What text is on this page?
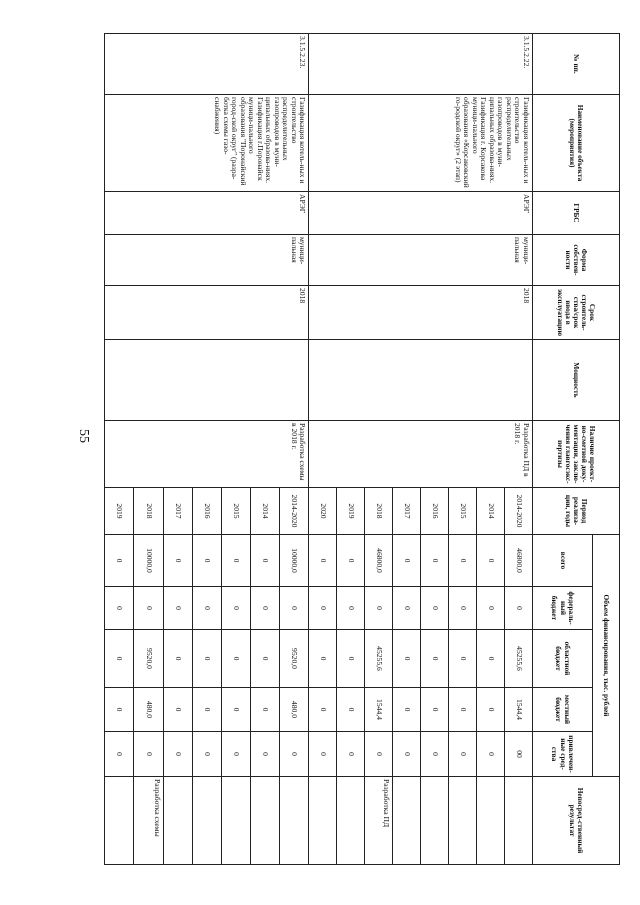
55
№ пп.	Наименование объекта (мероприятия)	ГРБС	Форма собствен-ности	Срок строитель-ства/срок ввода в эксплуатацию	Мощность	Наличие проект-но-сметной доку-ментации, заклю-чения главгосэкс-пертизы	Период реализа-ции, годы	Объем финансирования, тыс. рублей					Непосред-ственный результат
								всего	федераль-ный бюджет	областной бюджет	местный бюджет	привлечен-ные сред-ства	
3.1.5.2.22.	Газификация котель-ных и строительство распределительных газопроводов в муни-ципальных образова-ниях. Газификация г. Корсакова муници-пального образования «Корсаковский го-родской округ» (2 этап)	АРЭГ	муници-пальная	2018		Разработка ПД в 2018 г.	2014-2020	46800,0	0	45255,6	1544,4	00	
							2014	0	0	0	0	0	
							2015	0	0	0	0	0	
							2016	0	0	0	0	0	
							2017	0	0	0	0	0	
							2018	46800,0	0	45255,6	1544,4	0	Разработка ПД
							2019	0	0	0	0	0	
							2020	0	0	0	0	0	
3.1.5.2.23.	Газификация котель-ных и строительство распределительных газопроводов в муни-ципальных образова-ниях. Газификация г.Поронайск муници-пального образования "Поронайский город-ской округ" (разра-ботка схемы газо-снабжения)	АРЭГ	муници-пальная	2018		Разработка схемы в 2018 г.	2014-2020	10000,0	0	9520,0	480,0	0	
							2014	0	0	0	0	0	
							2015	0	0	0	0	0	
							2016	0	0	0	0	0	
							2017	0	0	0	0	0	
							2018	10000,0	0	9520,0	480,0	0	Разработка схемы
							2019	0	0	0	0	0	
